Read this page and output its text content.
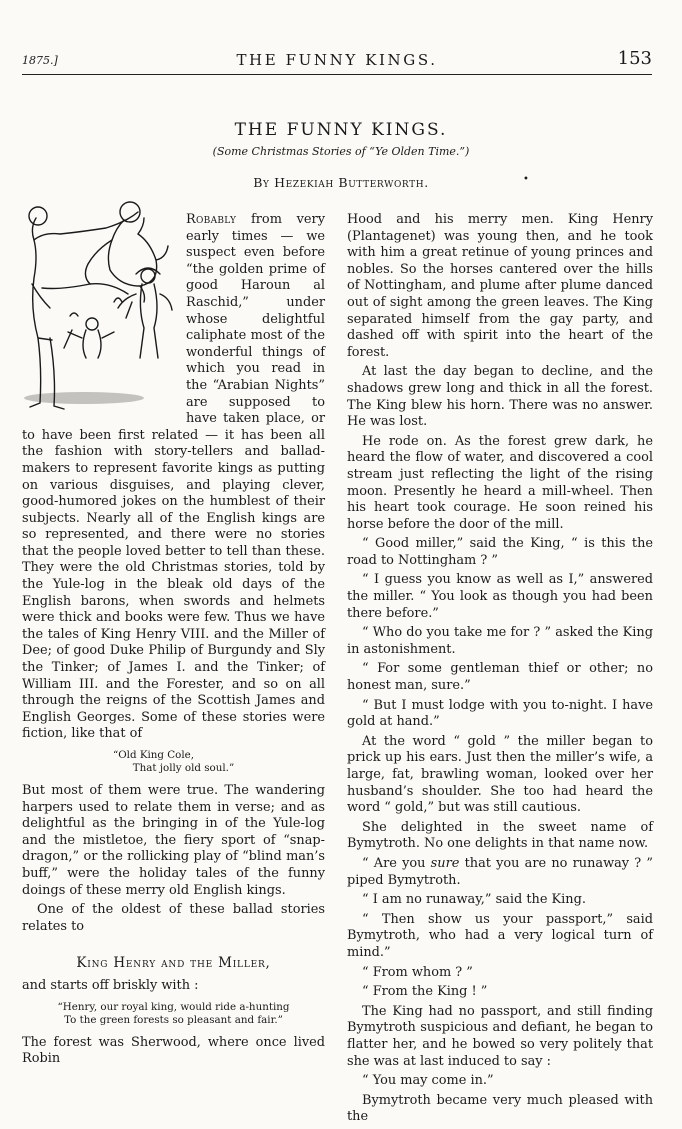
1875.]	THE FUNNY KINGS.	153
THE FUNNY KINGS.
(Some Christmas Stories of “Ye Olden Time.”)
By Hezekiah Butterworth.	•

Robably from very early times — we suspect even before “the golden prime of good Haroun al Raschid,” under whose delightful caliphate most of the wonderful things of which you read in the “Arabian Nights” are supposed to have taken place, or to have been first related — it has been all the fashion with story-tellers and ballad-makers to represent favorite kings as putting on various disguises, and playing clever, good-humored jokes on the humblest of their subjects. Nearly all of the English kings are so represented, and there were no stories that the people loved better to tell than these. They were the old Christmas stories, told by the Yule-log in the bleak old days of the English barons, when swords and helmets were thick and books were few. Thus we have the tales of King Henry VIII. and the Miller of Dee; of good Duke Philip of Burgundy and Sly the Tinker; of James I. and the Tinker; of William III. and the Forester, and so on all through the reigns of the Scottish James and English Georges. Some of these stories were fiction, like that of

“Old King Cole,
That jolly old soul.”

But most of them were true. The wandering harpers used to relate them in verse; and as delightful as the bringing in of the Yule-log and the mistletoe, the fiery sport of “snap-dragon,” or the rollicking play of “blind man’s buff,” were the holiday tales of the funny doings of these merry old English kings.

One of the oldest of these ballad stories relates to

King Henry and the Miller,

and starts off briskly with :

“Henry, our royal king, would ride a-hunting
To the green forests so pleasant and fair.”

The forest was Sherwood, where once lived Robin

Hood and his merry men. King Henry (Plantagenet) was young then, and he took with him a great retinue of young princes and nobles. So the horses cantered over the hills of Nottingham, and plume after plume danced out of sight among the green leaves. The King separated himself from the gay party, and dashed off with spirit into the heart of the forest.

At last the day began to decline, and the shadows grew long and thick in all the forest. The King blew his horn. There was no answer. He was lost.

He rode on. As the forest grew dark, he heard the flow of water, and discovered a cool stream just reflecting the light of the rising moon. Presently he heard a mill-wheel. Then his heart took courage. He soon reined his horse before the door of the mill.

“ Good miller,” said the King, “ is this the road to Nottingham ? ”

“ I guess you know as well as I,” answered the miller. “ You look as though you had been there before.”

“ Who do you take me for ? ” asked the King in astonishment.

“ For some gentleman thief or other; no honest man, sure.”

“ But I must lodge with you to-night. I have gold at hand.”

At the word “ gold ” the miller began to prick up his ears. Just then the miller’s wife, a large, fat, brawling woman, looked over her husband’s shoulder. She too had heard the word “ gold,” but was still cautious.

She delighted in the sweet name of Bymytroth. No one delights in that name now.

“ Are you sure that you are no runaway ? ” piped Bymytroth.

“ I am no runaway,” said the King.

“ Then show us your passport,” said Bymytroth, who had a very logical turn of mind.”

“ From whom ? ”

“ From the King ! ”

The King had no passport, and still finding Bymytroth suspicious and defiant, he began to flatter her, and he bowed so very politely that she was at last induced to say :

“ You may come in.”

Bymytroth became very much pleased with the
